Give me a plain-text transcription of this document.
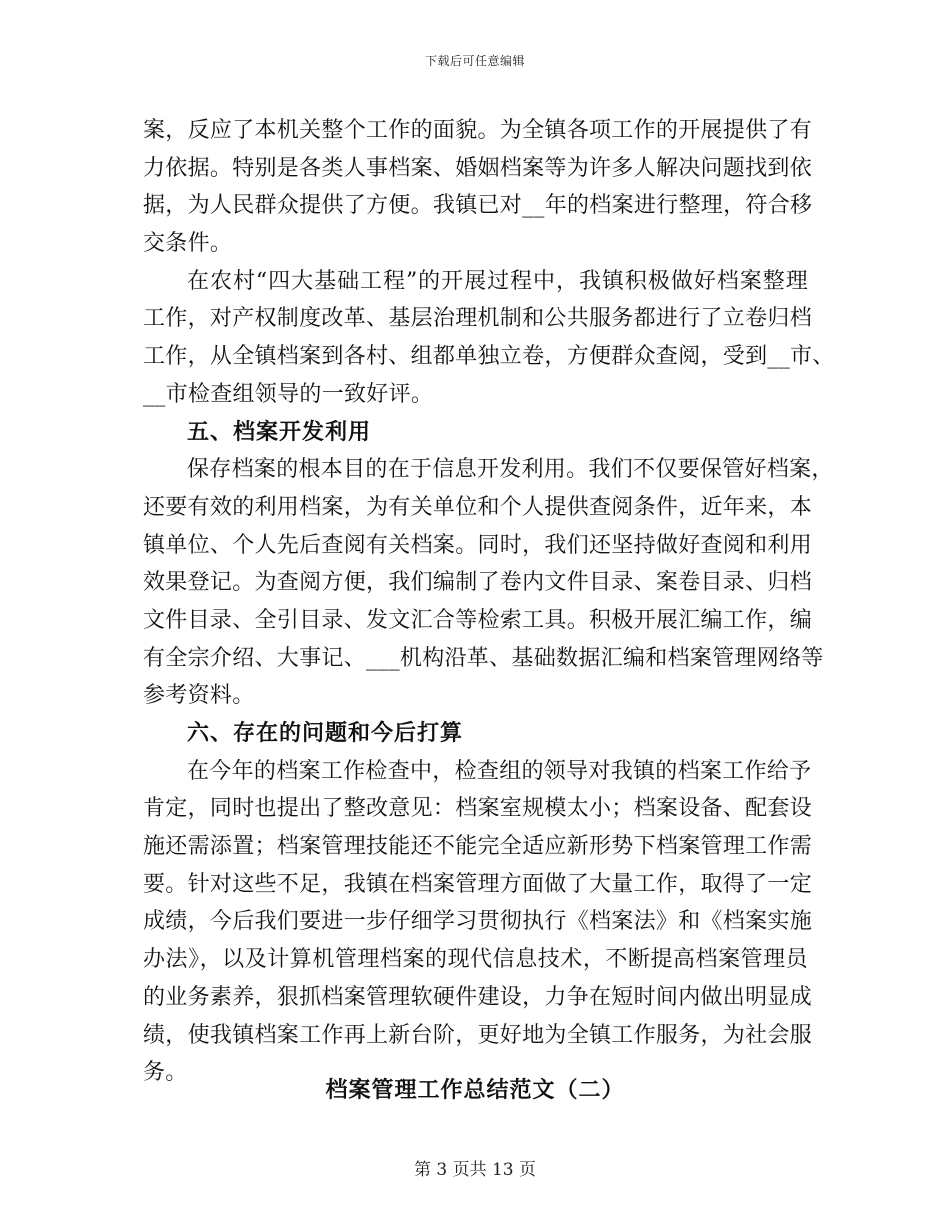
下载后可任意编辑
案，反应了本机关整个工作的面貌。为全镇各项工作的开展提供了有
力依据。特别是各类人事档案、婚姻档案等为许多人解决问题找到依
据，为人民群众提供了方便。我镇已对__年的档案进行整理，符合移
交条件。
在农村“四大基础工程”的开展过程中，我镇积极做好档案整理
工作，对产权制度改革、基层治理机制和公共服务都进行了立卷归档
工作，从全镇档案到各村、组都单独立卷，方便群众查阅，受到__市、
__市检查组领导的一致好评。
五、档案开发利用
保存档案的根本目的在于信息开发利用。我们不仅要保管好档案，
还要有效的利用档案，为有关单位和个人提供查阅条件，近年来，本
镇单位、个人先后查阅有关档案。同时，我们还坚持做好查阅和利用
效果登记。为查阅方便，我们编制了卷内文件目录、案卷目录、归档
文件目录、全引目录、发文汇合等检索工具。积极开展汇编工作，编
有全宗介绍、大事记、___机构沿革、基础数据汇编和档案管理网络等
参考资料。
六、存在的问题和今后打算
在今年的档案工作检查中，检查组的领导对我镇的档案工作给予
肯定，同时也提出了整改意见：档案室规模太小；档案设备、配套设
施还需添置；档案管理技能还不能完全适应新形势下档案管理工作需
要。针对这些不足，我镇在档案管理方面做了大量工作，取得了一定
成绩，今后我们要进一步仔细学习贯彻执行《档案法》和《档案实施
办法》，以及计算机管理档案的现代信息技术，不断提高档案管理员
的业务素养，狠抓档案管理软硬件建设，力争在短时间内做出明显成
绩，使我镇档案工作再上新台阶，更好地为全镇工作服务，为社会服
务。
档案管理工作总结范文（二）
第 3 页共 13 页
